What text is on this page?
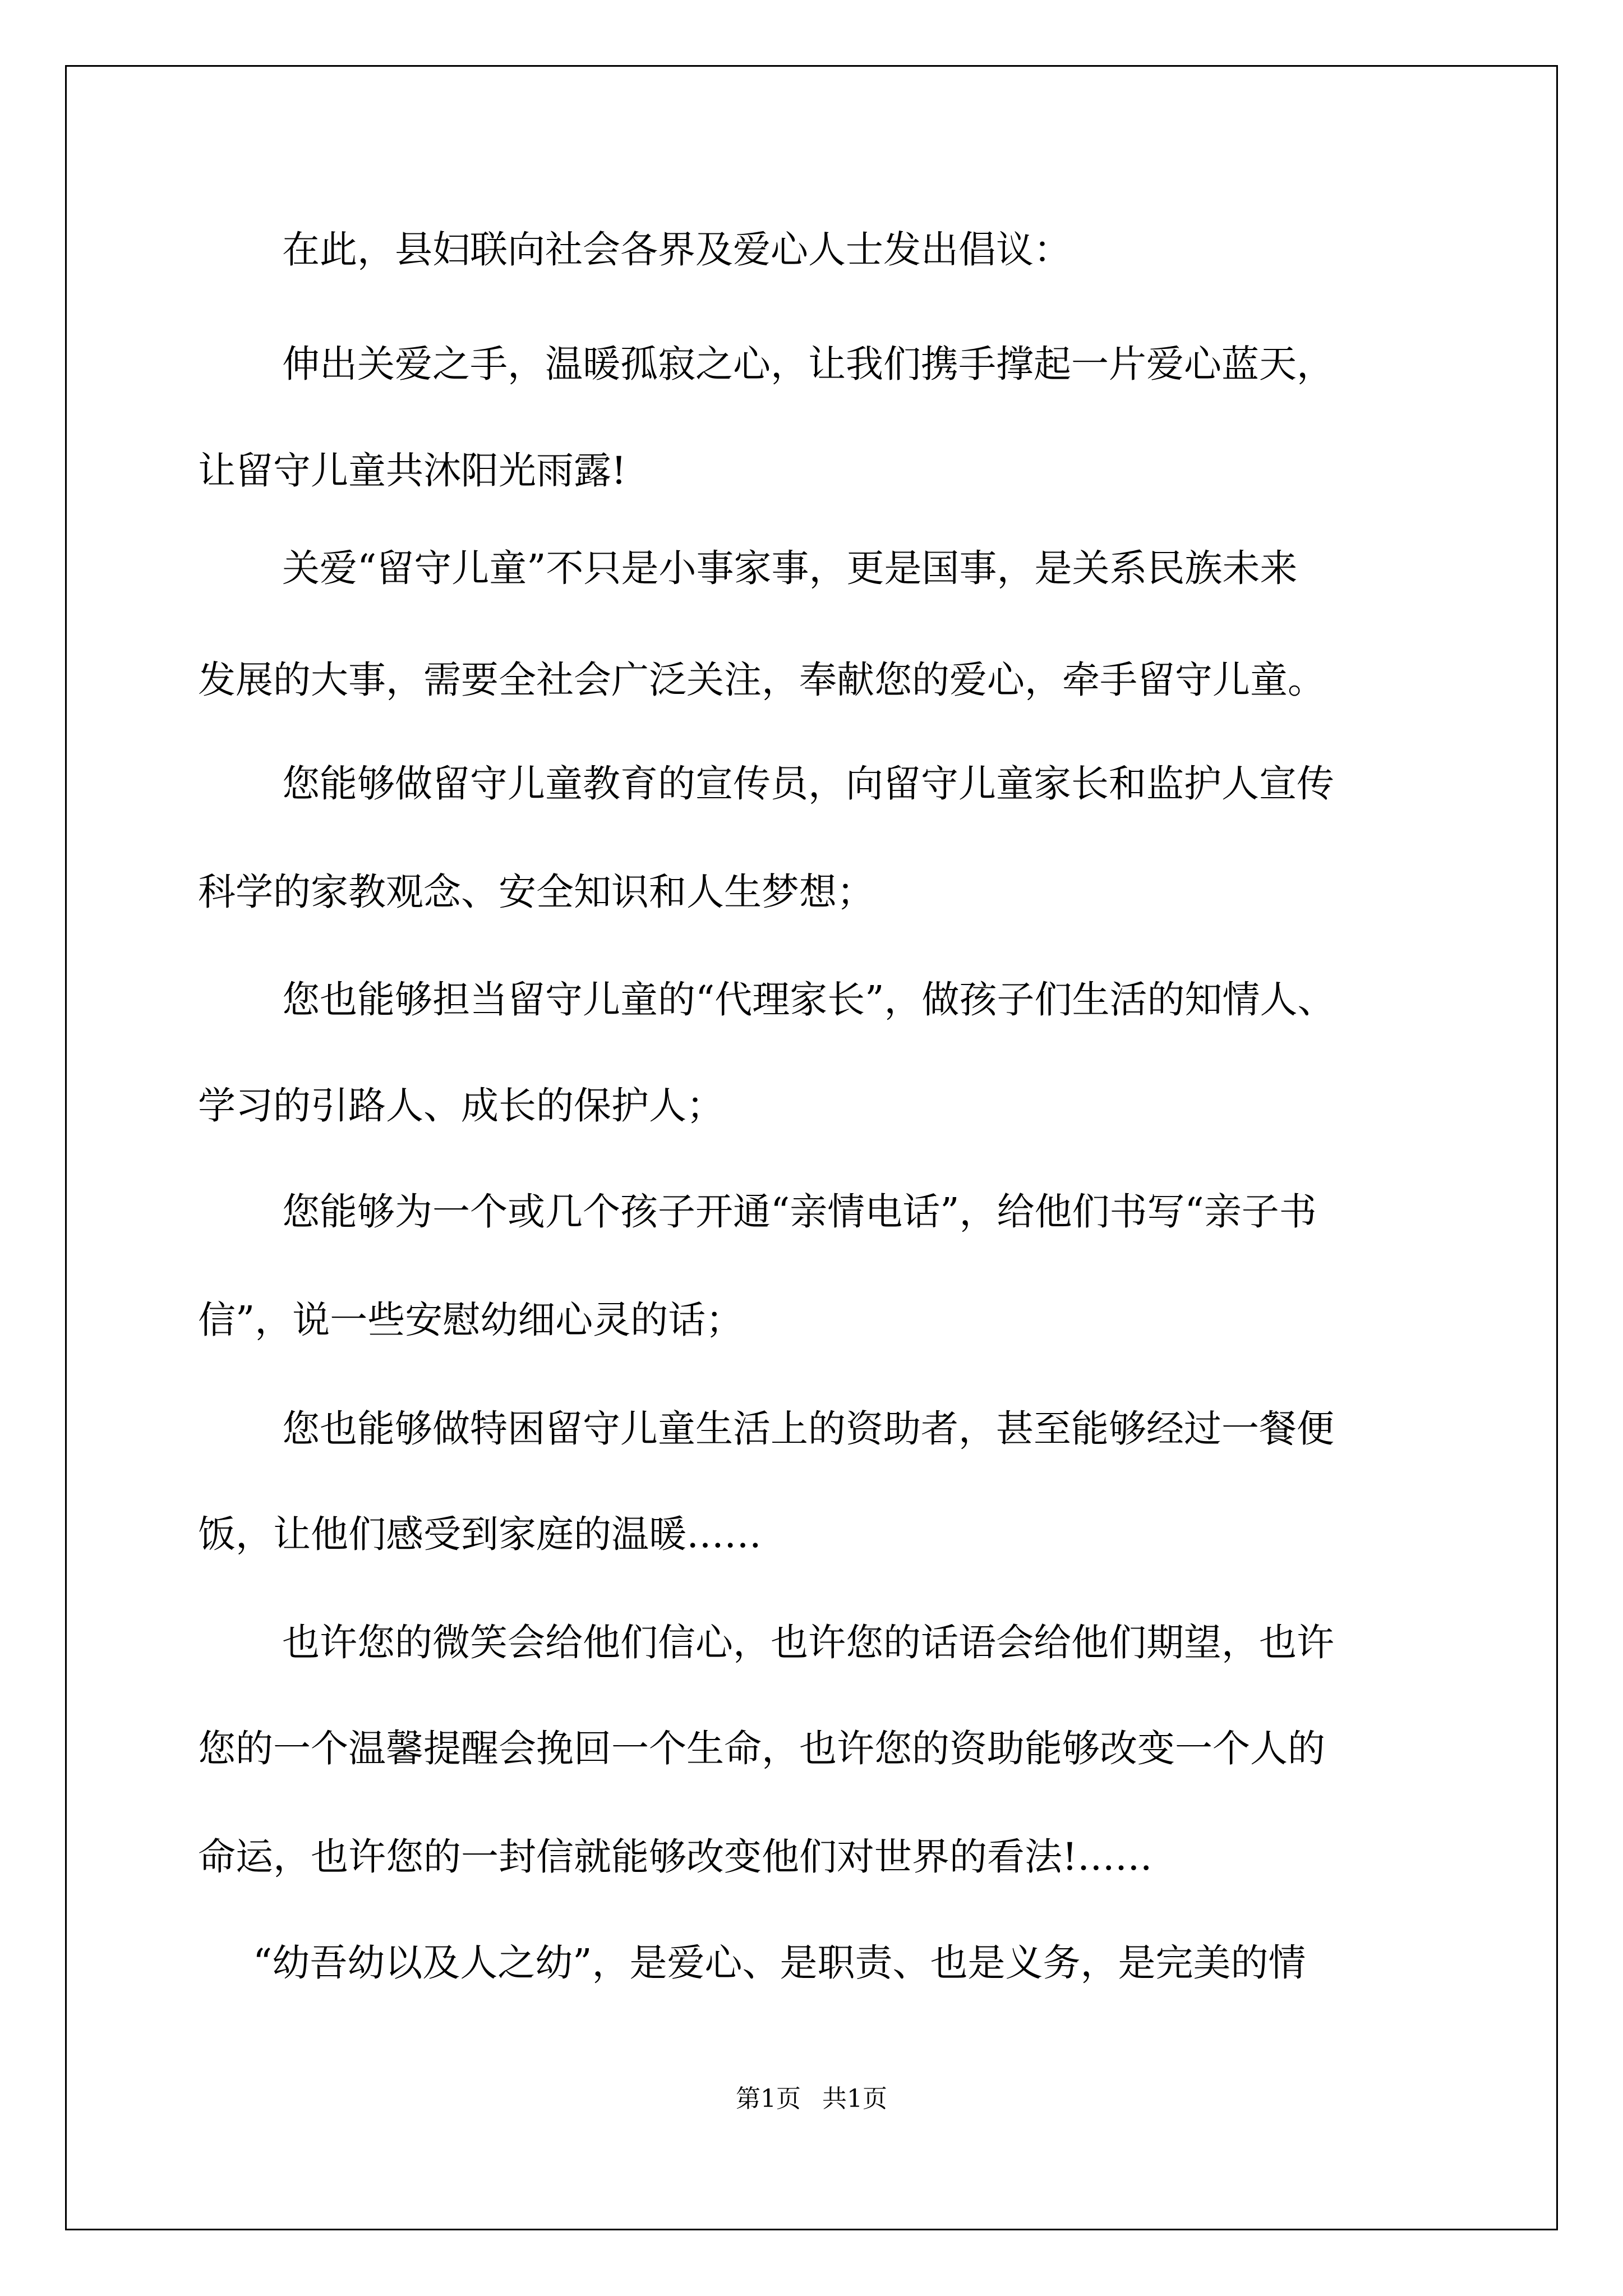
在此，县妇联向社会各界及爱心人士发出倡议：

伸出关爱之手，温暖孤寂之心，让我们携手撑起一片爱心蓝天，

让留守儿童共沐阳光雨露!

关爱“留守儿童”不只是小事家事，更是国事，是关系民族未来

发展的大事，需要全社会广泛关注，奉献您的爱心，牵手留守儿童。

您能够做留守儿童教育的宣传员，向留守儿童家长和监护人宣传

科学的家教观念、安全知识和人生梦想；

您也能够担当留守儿童的“代理家长”，做孩子们生活的知情人、

学习的引路人、成长的保护人；

您能够为一个或几个孩子开通“亲情电话”，给他们书写“亲子书

信”，说一些安慰幼细心灵的话；

您也能够做特困留守儿童生活上的资助者，甚至能够经过一餐便

饭，让他们感受到家庭的温暖……

也许您的微笑会给他们信心，也许您的话语会给他们期望，也许

您的一个温馨提醒会挽回一个生命，也许您的资助能够改变一个人的

命运，也许您的一封信就能够改变他们对世界的看法!……

“幼吾幼以及人之幼”，是爱心、是职责、也是义务，是完美的情

第1页 共1页
